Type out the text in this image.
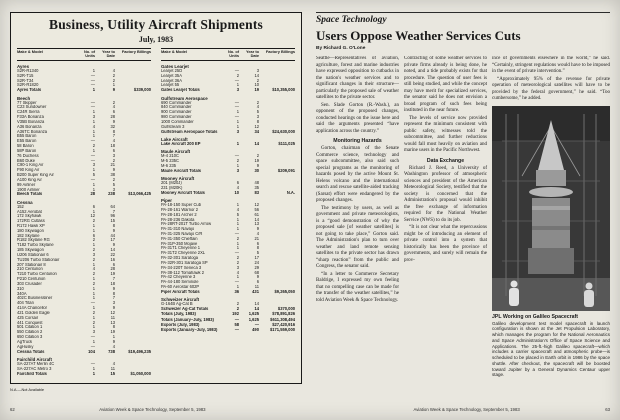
Business, Utility Aircraft Shipments
July, 1983
Make & Model	No. of Units
Year to Date
Factory Billings
Ayres
S2R-R1340	1	4
S2R-T15	—	2
S2R-T34	—	2
S2R-R1820	—	1
Ayres Totals	1	9	$339,000
Beech
77 Skipper	—	2
C23 Sundowner	—	4
C24R Sierra	1	6
F33A Bonanza	3	28
V35B Bonanza	1	9
A36 Bonanza	4	32
A36TC Bonanza	1	8
B55 Baron	1	7
E55 Baron	—	4
58 Baron	2	18
58P Baron	1	6
76 Duchess	—	3
B60 Duke	—	2
C90-1 King Air	3	21
F90 King Air	1	9
B200 Super King Air	5	38
A100 King Air	—	2
99 Airliner	1	5
1900 Airliner	1	3
Beech Totals	28	238	$13,066,425
Cessna
152	6	64
A152 Aerobat	1	7
172 Skyhawk	12	96
172RG Cutlass	2	15
R172 Hawk XP	1	8
180 Skywagon	1	9
182 Skylane	6	44
R182 Skylane RG	2	17
T182 Turbo Skylane	1	9
185 Skywagon	2	14
U206 Stationair 6	3	22
TU206 Turbo Stationair	2	16
207 Stationair 8	1	6
210 Centurion	4	28
T210 Turbo Centurion	2	19
P210 Centurion	1	7
303 Crusader	2	18
310	1	9
340A	1	8
402C Businessliner	1	7
404 Titan	—	3
414A Chancellor	1	9
421 Golden Eagle	2	12
425 Corsair	1	11
441 Conquest	2	13
501 Citation 1	1	8
550 Citation 2	3	19
650 Citation 3	—	1
AgTruck	1	9
AgHusky	—	4
Cessna Totals	104	738	$19,496,235
Fairchild Aircraft
SA-227AT Merlin 4C	—	4
SA-227AC Metro 3	1	11
Fairchild Totals	1	15	$1,050,000
Make & Model	No. of Units
Year to Date
Factory Billings
Gates Learjet
Learjet 25D	—	3
Learjet 35A	2	14
Learjet 36A	—	2
Learjet 55	1	10
Gates Learjet Totals	3	19	$10,355,000
Gulfstream Aerospace
690 Commander	—	2
840 Commander	—	4
900 Commander	1	5
980 Commander	—	3
1000 Commander	1	8
Gulfstream 3	1	12
Gulfstream Aerospace Totals	3	34	$24,630,000
Lake Aircraft
Lake Aircraft 200 EP	1	14	$111,025
Maule Aircraft
M-4 210C	—	2
M-5 235C	2	19
M-6 235	1	9
Maule Aircraft Totals	3	30	$209,091
Mooney Aircraft
201 (M20J)	6	48
231 (M20K)	4	35
Mooney Aircraft Totals	10	83	N.A.
Piper
PA-18-150 Super Cub	1	12
PA-28-161 Warrior 2	4	56
PA-28-181 Archer 2	5	61
PA-28-236 Dakota	1	14
PA-28RT-201T Turbo Arrow	1	13
PA-31-310 Navajo	1	9
PA-31-325 Navajo C/R	—	4
PA-31-350 Chieftain	2	21
PA-31P-350 Mojave	1	6
PA-31T1 Cheyenne 1	1	8
PA-31T2 Cheyenne 2XL	—	5
PA-32-301 Saratoga	2	17
PA-32R-301 Saratoga SP	2	24
PA-34-220T Seneca 3	3	29
PA-38-112 Tomahawk 2	4	68
PA-42 Cheyenne 3	1	9
PA-44-180 Seminole	—	6
PA-60 Aerostar 602P	1	11
Piper Aircraft Totals	36	431	$9,265,050
Schweizer Aircraft
G-164B Ag-Cat B	2	14
Schweizer Ag-Cat Totals	2	14	$370,000
Totals (July, 1983)	192	1,625	$78,891,826
Totals (January–July, 1983)	—	1,625	$611,308,494
Exports (July, 1983)	58	—	$27,420,916
Exports (January–July, 1983)	—	490	$171,559,000
N.A.—Not Available
62	Aviation Week & Space Technology, September 5, 1983
Space Technology
Users Oppose Weather Services Cuts
By Richard G. O'Lone

Seattle—Representatives of aviation, agriculture, forest and marine industries have expressed opposition to cutbacks in the nation's weather services and to significant changes in their structure—particularly the proposed sale of weather satellites to the private sector.

Sen. Slade Gorton (R.-Wash.), an opponent of the proposed changes, conducted hearings on the issue here and said the arguments presented “have application across the country.”

Monitoring Hazards

Gorton, chairman of the Senate Commerce science, technology and space subcommittee, also said such special programs as the monitoring of hazards posed by the active Mount St. Helens volcano and the international search and rescue satellite-aided tracking (Sarsat) effort were endangered by the proposed changes.

The testimony by users, as well as government and private meteorologists, is a “good demonstration of why the proposed sale [of weather satellites] is not going to take place,” Gorton said. The Administration's plan to turn over weather and land remote sensing satellites to the private sector has drawn “sharp reaction” from the public and Congress, the senator said.

“In a letter to Commerce Secretary Baldrige, I expressed my own feeling that no compelling case can be made for the transfer of the weather satellites,” he told Aviation Week & Space Technology.

Contracting of some weather services to private firms already is being done, he noted, and a tide probably exists for that procedure. The question of user fees is still being studied, and while the concept may have merit for specialized services, the senator said he does not envision a broad program of such fees being instituted in the near future.

The levels of service now provided represent the minimum consistent with public safety, witnesses told the subcommittee, and further reductions would fall most heavily on aviation and marine users in the Pacific Northwest.

Data Exchange

Richard J. Reed, a University of Washington professor of atmospheric sciences and president of the American Meteorological Society, testified that the society is concerned that the Administration's proposal would inhibit the free exchange of information required for the National Weather Service (NWS) to do its job.

“It is not clear what the repercussions might be of introducing an element of private control into a system that historically has been the province of governments, and surely will remain the prov-

ince of governments elsewhere in the world,” he said. “Certainly, stringent regulations would have to be imposed in the event of private intervention.”

“Approximately 95% of the revenue for private operation of meteorological satellites will have to be provided by the federal government,” he said. “Too cumbersome,” he added.

JPL Working on Galileo Spacecraft
Galileo development test model spacecraft in launch configuration is shown at the Jet Propulsion Laboratory, which manages the program for the National Aeronautics and Space Administration's Office of Space Science and Applications. The 25-ft.-high Galileo spacecraft—which includes a carrier spacecraft and atmospheric probe—is scheduled to be placed in Earth orbit in 1986 by the space shuttle. After checkout, the spacecraft will be boosted toward Jupiter by a General Dynamics Centaur upper stage.
Aviation Week & Space Technology, September 5, 1983	63
